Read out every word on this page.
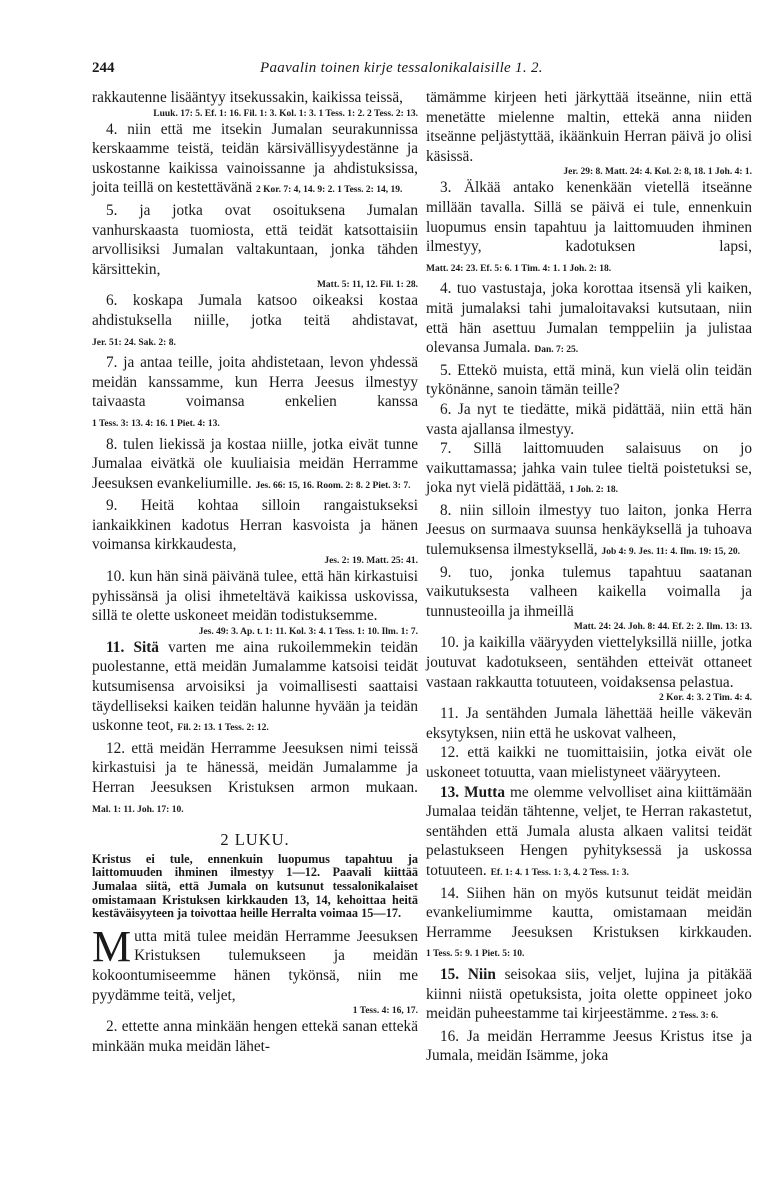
244	Paavalin toinen kirje tessalonikalaisille 1. 2.

rakkautenne lisääntyy itsekussakin, kaikissa teissä,
Luuk. 17: 5. Ef. 1: 16. Fil. 1: 3. Kol. 1: 3. 1 Tess. 1: 2. 2 Tess. 2: 13.

4. niin että me itsekin Jumalan seurakunnissa kerskaamme teistä, teidän kärsivällisyydestänne ja uskostanne kaikissa vainoissanne ja ahdistuksissa, joita teillä on kestettävänä 2 Kor. 7: 4, 14. 9: 2. 1 Tess. 2: 14, 19.

5. ja jotka ovat osoituksena Jumalan vanhurskaasta tuomiosta, että teidät katsottaisiin arvollisiksi Jumalan valtakuntaan, jonka tähden kärsittekin,
Matt. 5: 11, 12. Fil. 1: 28.

6. koskapa Jumala katsoo oikeaksi kostaa ahdistuksella niille, jotka teitä ahdistavat, Jer. 51: 24. Sak. 2: 8.

7. ja antaa teille, joita ahdistetaan, levon yhdessä meidän kanssamme, kun Herra Jeesus ilmestyy taivaasta voimansa enkelien kanssa 1 Tess. 3: 13. 4: 16. 1 Piet. 4: 13.

8. tulen liekissä ja kostaa niille, jotka eivät tunne Jumalaa eivätkä ole kuuliaisia meidän Herramme Jeesuksen evankeliumille. Jes. 66: 15, 16. Room. 2: 8. 2 Piet. 3: 7.

9. Heitä kohtaa silloin rangaistukseksi iankaikkinen kadotus Herran kasvoista ja hänen voimansa kirkkaudesta,
Jes. 2: 19. Matt. 25: 41.

10. kun hän sinä päivänä tulee, että hän kirkastuisi pyhissänsä ja olisi ihmeteltävä kaikissa uskovissa, sillä te olette uskoneet meidän todistuksemme.
Jes. 49: 3. Ap. t. 1: 11. Kol. 3: 4. 1 Tess. 1: 10. Ilm. 1: 7.

11. Sitä varten me aina rukoilemmekin teidän puolestanne, että meidän Jumalamme katsoisi teidät kutsumisensa arvoisiksi ja voimallisesti saattaisi täydelliseksi kaiken teidän halunne hyvään ja teidän uskonne teot, Fil. 2: 13. 1 Tess. 2: 12.

12. että meidän Herramme Jeesuksen nimi teissä kirkastuisi ja te hänessä, meidän Jumalamme ja Herran Jeesuksen Kristuksen armon mukaan. Mal. 1: 11. Joh. 17: 10.

2 LUKU.

Kristus ei tule, ennenkuin luopumus tapahtuu ja laittomuuden ihminen ilmestyy 1—12. Paavali kiittää Jumalaa siitä, että Jumala on kutsunut tessalonikalaiset omistamaan Kristuksen kirkkauden 13, 14, kehoittaa heitä kestäväisyyteen ja toivottaa heille Herralta voimaa 15—17.

Mutta mitä tulee meidän Herramme Jeesuksen Kristuksen tulemukseen ja meidän kokoontumiseemme hänen tykönsä, niin me pyydämme teitä, veljet,
1 Tess. 4: 16, 17.

2. ettette anna minkään hengen ettekä sanan ettekä minkään muka meidän lähet-

tämämme kirjeen heti järkyttää itseänne, niin että menetätte mielenne maltin, ettekä anna niiden itseänne peljästyttää, ikäänkuin Herran päivä jo olisi käsissä.
Jer. 29: 8. Matt. 24: 4. Kol. 2: 8, 18. 1 Joh. 4: 1.

3. Älkää antako kenenkään vietellä itseänne millään tavalla. Sillä se päivä ei tule, ennenkuin luopumus ensin tapahtuu ja laittomuuden ihminen ilmestyy, kadotuksen lapsi, Matt. 24: 23. Ef. 5: 6. 1 Tim. 4: 1. 1 Joh. 2: 18.

4. tuo vastustaja, joka korottaa itsensä yli kaiken, mitä jumalaksi tahi jumaloitavaksi kutsutaan, niin että hän asettuu Jumalan temppeliin ja julistaa olevansa Jumala. Dan. 7: 25.

5. Ettekö muista, että minä, kun vielä olin teidän tykönänne, sanoin tämän teille?

6. Ja nyt te tiedätte, mikä pidättää, niin että hän vasta ajallansa ilmestyy.

7. Sillä laittomuuden salaisuus on jo vaikuttamassa; jahka vain tulee tieltä poistetuksi se, joka nyt vielä pidättää, 1 Joh. 2: 18.

8. niin silloin ilmestyy tuo laiton, jonka Herra Jeesus on surmaava suunsa henkäyksellä ja tuhoava tulemuksensa ilmestyksellä, Job 4: 9. Jes. 11: 4. Ilm. 19: 15, 20.

9. tuo, jonka tulemus tapahtuu saatanan vaikutuksesta valheen kaikella voimalla ja tunnusteoilla ja ihmeillä
Matt. 24: 24. Joh. 8: 44. Ef. 2: 2. Ilm. 13: 13.

10. ja kaikilla vääryyden viettelyksillä niille, jotka joutuvat kadotukseen, sentähden etteivät ottaneet vastaan rakkautta totuuteen, voidaksensa pelastua.
2 Kor. 4: 3. 2 Tim. 4: 4.

11. Ja sentähden Jumala lähettää heille väkevän eksytyksen, niin että he uskovat valheen,

12. että kaikki ne tuomittaisiin, jotka eivät ole uskoneet totuutta, vaan mielistyneet vääryyteen.

13. Mutta me olemme velvolliset aina kiittämään Jumalaa teidän tähtenne, veljet, te Herran rakastetut, sentähden että Jumala alusta alkaen valitsi teidät pelastukseen Hengen pyhityksessä ja uskossa totuuteen. Ef. 1: 4. 1 Tess. 1: 3, 4. 2 Tess. 1: 3.

14. Siihen hän on myös kutsunut teidät meidän evankeliumimme kautta, omistamaan meidän Herramme Jeesuksen Kristuksen kirkkauden. 1 Tess. 5: 9. 1 Piet. 5: 10.

15. Niin seisokaa siis, veljet, lujina ja pitäkää kiinni niistä opetuksista, joita olette oppineet joko meidän puheestamme tai kirjeestämme. 2 Tess. 3: 6.

16. Ja meidän Herramme Jeesus Kristus itse ja Jumala, meidän Isämme, joka
